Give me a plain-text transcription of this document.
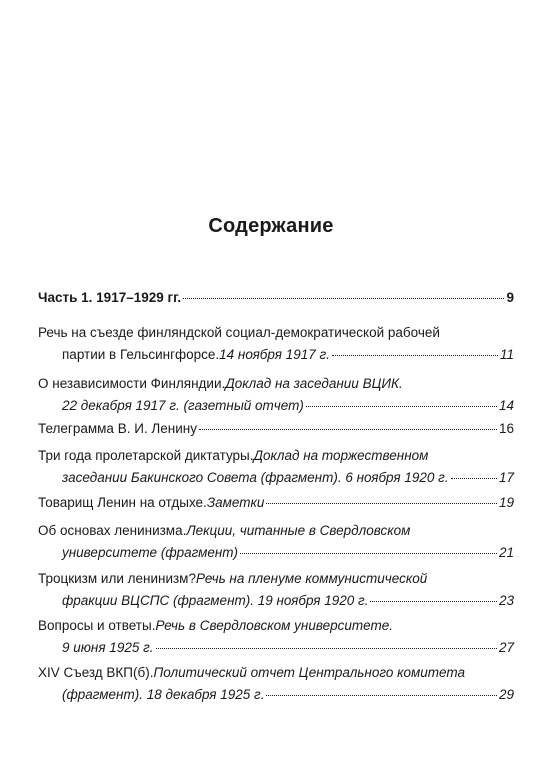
Содержание
Часть 1. 1917–1929 гг.	9
Речь на съезде финляндской социал-демократической рабочей
партии в Гельсингфорсе. 14 ноября 1917 г.	11
О независимости Финляндии. Доклад на заседании ВЦИК.
22 декабря 1917 г. (газетный отчет)	14
Телеграмма В. И. Ленину	16
Три года пролетарской диктатуры. Доклад на торжественном
заседании Бакинского Совета (фрагмент). 6 ноября 1920 г.	17
Товарищ Ленин на отдыхе. Заметки	19
Об основах ленинизма. Лекции, читанные в Свердловском
университете (фрагмент)	21
Троцкизм или ленинизм? Речь на пленуме коммунистической
фракции ВЦСПС (фрагмент). 19 ноября 1920 г.	23
Вопросы и ответы. Речь в Свердловском университете.
9 июня 1925 г.	27
XIV Съезд ВКП(б). Политический отчет Центрального комитета
(фрагмент). 18 декабря 1925 г.	29
